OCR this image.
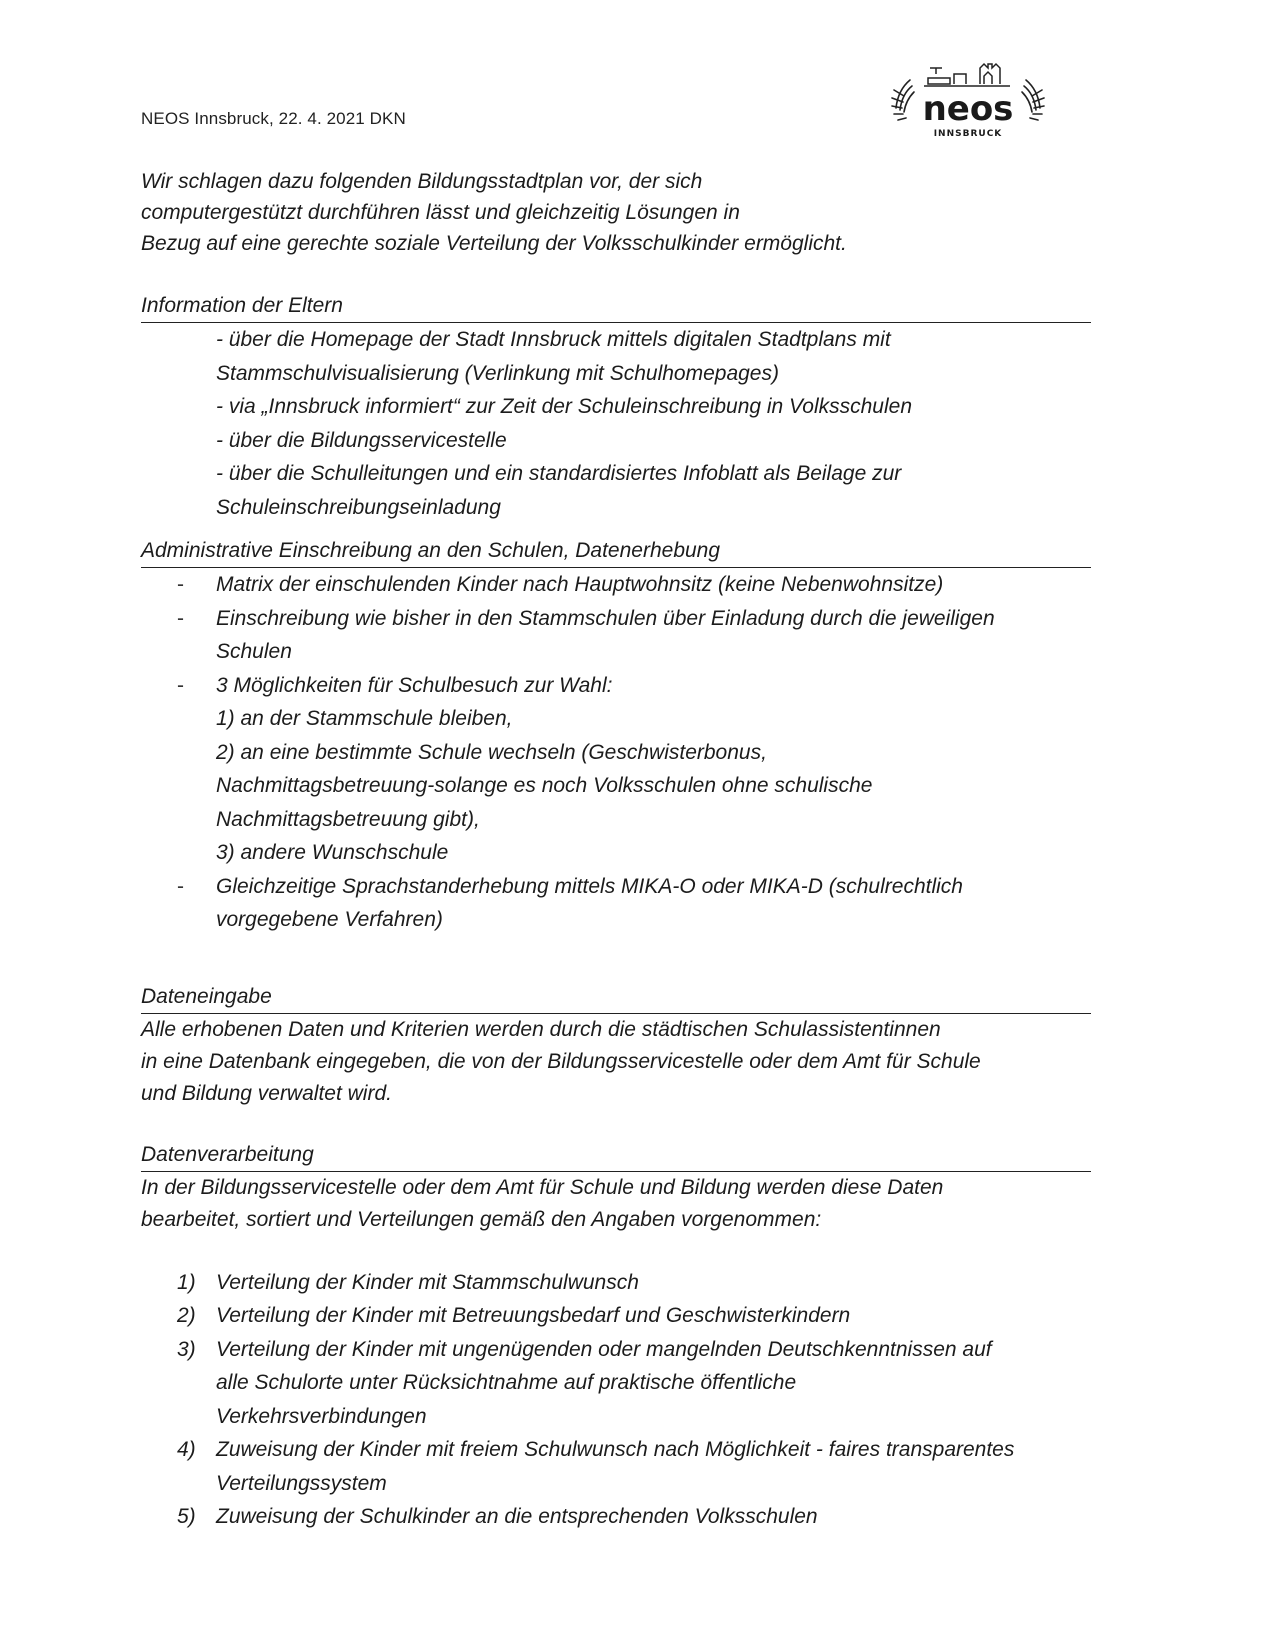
NEOS Innsbruck, 22. 4. 2021 DKN	neos
INNSBRUCK

Wir schlagen dazu folgenden Bildungsstadtplan vor, der sich

computergestützt durchführen lässt und gleichzeitig Lösungen in

Bezug auf eine gerechte soziale Verteilung der Volksschulkinder ermöglicht.

Information der Eltern
- über die Homepage der Stadt Innsbruck mittels digitalen Stadtplans mit
Stammschulvisualisierung (Verlinkung mit Schulhomepages)
- via „Innsbruck informiert“ zur Zeit der Schuleinschreibung in Volksschulen
- über die Bildungsservicestelle
- über die Schulleitungen und ein standardisiertes Infoblatt als Beilage zur
Schuleinschreibungseinladung
Administrative Einschreibung an den Schulen, Datenerhebung
- Matrix der einschulenden Kinder nach Hauptwohnsitz (keine Nebenwohnsitze)
- Einschreibung wie bisher in den Stammschulen über Einladung durch die jeweiligen
Schulen
- 3 Möglichkeiten für Schulbesuch zur Wahl:
1) an der Stammschule bleiben,
2) an eine bestimmte Schule wechseln (Geschwisterbonus,
Nachmittagsbetreuung-solange es noch Volksschulen ohne schulische
Nachmittagsbetreuung gibt),
3) andere Wunschschule
- Gleichzeitige Sprachstanderhebung mittels MIKA-O oder MIKA-D (schulrechtlich
vorgegebene Verfahren)
Dateneingabe

Alle erhobenen Daten und Kriterien werden durch die städtischen Schulassistentinnen

in eine Datenbank eingegeben, die von der Bildungsservicestelle oder dem Amt für Schule

und Bildung verwaltet wird.

Datenverarbeitung

In der Bildungsservicestelle oder dem Amt für Schule und Bildung werden diese Daten

bearbeitet, sortiert und Verteilungen gemäß den Angaben vorgenommen:

1) Verteilung der Kinder mit Stammschulwunsch
2) Verteilung der Kinder mit Betreuungsbedarf und Geschwisterkindern
3) Verteilung der Kinder mit ungenügenden oder mangelnden Deutschkenntnissen auf
alle Schulorte unter Rücksichtnahme auf praktische öffentliche
Verkehrsverbindungen
4) Zuweisung der Kinder mit freiem Schulwunsch nach Möglichkeit - faires transparentes
Verteilungssystem
5) Zuweisung der Schulkinder an die entsprechenden Volksschulen
